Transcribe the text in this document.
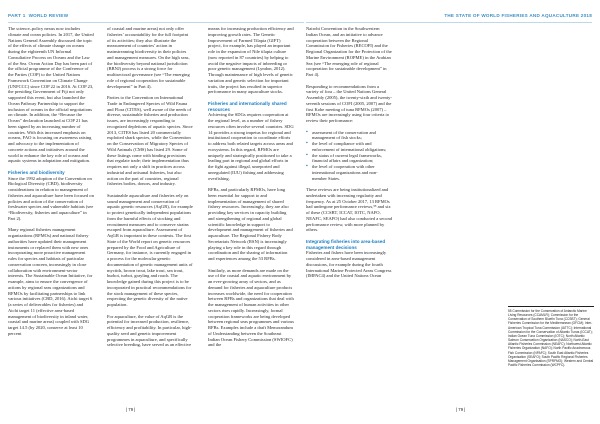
PART 1 WORLD REVIEW	THE STATE OF WORLD FISHERIES AND AQUACULTURE 2018

The science–policy nexus now includes climate and ocean policies. In 2017, the United Nations General Assembly discussed the topic of the effects of climate change on oceans during the eighteenth UN Informal Consultative Process on Oceans and the Law of the Sea. Ocean Action Day has been part of the official programme of the Conference of the Parties (COP) to the United Nations Framework Convention on Climate Change (UNFCCC) since COP 22 in 2016. At COP 23, the presiding Government of Fiji not only supported this event, but also launched the Ocean Pathway Partnership to support the inclusion of oceans in the official negotiations on climate. In addition, the “Because the Ocean” declaration launched at COP 21 has been signed by an increasing number of countries. With this increased emphasis on oceans, FAO is focusing on awareness raising and advocacy to the implementation of concrete actions and initiatives around the world to enhance the key role of oceans and aquatic systems in adaptation and mitigation.

Fisheries and biodiversity

Since the 1992 adoption of the Convention on Biological Diversity (CBD), biodiversity considerations in relation to management of fisheries and aquaculture have been focused on policies and action of the conservation of freshwater species and vulnerable habitats (see “Biodiversity, fisheries and aquaculture” in Part 2).

Many regional fisheries management organizations (RFMOs) and national fishery authorities have updated their management instruments or replaced them with new ones incorporating more proactive management rules for species and habitats of particular conservation concern, increasingly in close collaboration with environment-sector interests. The Sustainable Ocean Initiative, for example, aims to ensure the convergence of actions by regional seas organizations and RFMOs by facilitating partnerships to link various initiatives (CBD, 2016). Aichi target 6 (a series of deliverables for fisheries) and Aichi target 11 (effective area-based management of biodiversity in inland water, coastal and marine areas) coupled with SDG target 14.5 (by 2020, conserve at least 10 percent

of coastal and marine areas) not only offer fisheries’ accountability for the full footprint of its activities; they also illustrate the measurement of countries’ action in mainstreaming biodiversity in their policies and management measures. On the high seas, the biodiversity beyond national jurisdiction (BBNJ) process is a strong force for multisectoral governance (see “The emerging role of regional cooperation for sustainable development” in Part 4).

Parties to the Convention on International Trade in Endangered Species of Wild Fauna and Flora (CITES), well aware of the needs of diverse, sustainable fisheries and production issues, are increasingly responding to recognized depletions of aquatic species. Since 2013, CITES has listed 20 commercially exploited shark species, while the Convention on the Conservation of Migratory Species of Wild Animals (CMS) has listed 29. Some of these listings come with binding provisions that regulate trade; their implementation thus requires not only a shift in practices across industrial and artisanal fisheries, but also action on the part of countries, regional fisheries bodies, donors, and industry.

Sustainable aquaculture and fisheries rely on sound management and conservation of aquatic genetic resources (AqGR), for example to protect genetically independent populations from the harmful effects of stocking and recruitment measures and to conserve strains escaped from aquaculture. Assessment of AqGR is important in these contexts. The first State of the World report on genetic resources prepared by the Food and Agriculture of Germany, for instance, is currently engaged in a process for the molecular genetic documentation of genetic management units of myctids, brown trout, lake trout, sea trout, burbot, turbot, grayling and roach. The knowledge gained during this project is to be incorporated in practical recommendations for the stock management of these species, respecting the genetic diversity of the native population.

For aquaculture, the value of AqGR is the potential for increased production, resilience, efficiency and profitability. In particular, high-quality seed and genetic improvement programmes in aquaculture, and specifically selective breeding, have served as an effective

means for increasing production efficiency and improving growth rates. The Genetic Improvement of Farmed Tilapia (GIFT) project, for example, has played an important role in the expansion of Nile tilapia culture (now reported in 87 countries) by helping to avoid the negative impacts of inbreeding or poor genetic management (Lyndon, 2012). Through maintenance of high levels of genetic variation and genetic selection for important traits, the project has resulted in superior performance in many aquaculture stocks.

Fisheries and internationally shared resources

Achieving the SDGs requires cooperation at the regional level, as a number of fishery resources often involve several countries. SDG 14 provides a strong impetus for regional and institutional cooperation to coordinate efforts to address both related targets across areas and ecosystems. In this regard, RFMOs are uniquely and strategically positioned to take a leading part in regional and global efforts in the fight against illegal, unreported and unregulated (IUU) fishing and addressing overfishing.

RFBs, and particularly RFMOs, have long been essential for support to and implementation of management of shared fishery resources. Increasingly, they are also providing key services in capacity building and strengthening of regional and global scientific knowledge in support to development and management of fisheries and aquaculture. The Regional Fishery Body Secretariats Network (RSN) is increasingly playing a key role in this regard through coordination and the sharing of information and experiences among the 53 RFBs.

Similarly, as more demands are made on the use of the coastal and aquatic environment by an ever-growing array of sectors, and as demand for fisheries and aquaculture products increases worldwide, the need for cooperation between RFBs and organizations that deal with the management of human activities in other sectors rises rapidly. Increasingly, formal cooperation frameworks are being developed between regional seas programmes and various RFBs. Examples include a draft Memorandum of Understanding between the Southeast Indian Ocean Fishery Commission (SWIOFC) and the

Nairobi Convention in the Southwestern Indian Ocean, and an initiative to advance cooperation between the Regional Commission for Fisheries (RECOFI) and the Regional Organization for the Protection of the Marine Environment (ROPME) in the Arabian Sea (see “The emerging role of regional cooperation for sustainable development” in Part 4).

Responding to recommendations from a variety of fora – the United Nations General Assembly (2005), the twenty-sixth and twenty-seventh sessions of COFI (2005, 2007) and the first Kobe meeting of tuna RFMOs (2007) – RFMOs are increasingly using four criteria to review their performance:

▪ assessment of the conservation and management of fish stocks;
▪ the level of compliance with and enforcement of international obligations;
▪ the status of current legal frameworks, financial affairs and organization;
▪ the level of cooperation with other international organizations and non-member States.

These reviews are being institutionalized and undertaken with increasing regularity and frequency. As at 25 October 2017, 13 RFMOs had undergone performance reviews,⁵⁵ and six of these (CCSBT, ICCAT, IOTC, NAFO, NEAFC, SEAFO) had also conducted a second performance review, with more planned by others.

Integrating fisheries into area-based management decisions

Fisheries and fishers have been increasingly considered in area-based management discussions, for example during the fourth International Marine Protected Areas Congress (IMPAC4) and the United Nations Ocean

55 Commission for the Conservation of Antarctic Marine Living Resources (CCAMLR); Commission for the Conservation of Southern Bluefin Tuna (CCSBT); General Fisheries Commission for the Mediterranean (GFCM); Inter-American Tropical Tuna Commission (IATTC); International Commission for the Conservation of Atlantic Tunas (ICCAT); Indian Ocean Tuna Commission (IOTC); North Atlantic Salmon Conservation Organization (NASCO); North-East Atlantic Fisheries Commission (NEAFC); Northwest Atlantic Fisheries Organization (NAFO); North Pacific Anadromous Fish Commission (NPAFC); South East Atlantic Fisheries Organisation (SEAFO); South Pacific Regional Fisheries Management Organisation (SPRFMO); Western and Central Pacific Fisheries Commission (WCPFC).
| 79 |	| 79 |
